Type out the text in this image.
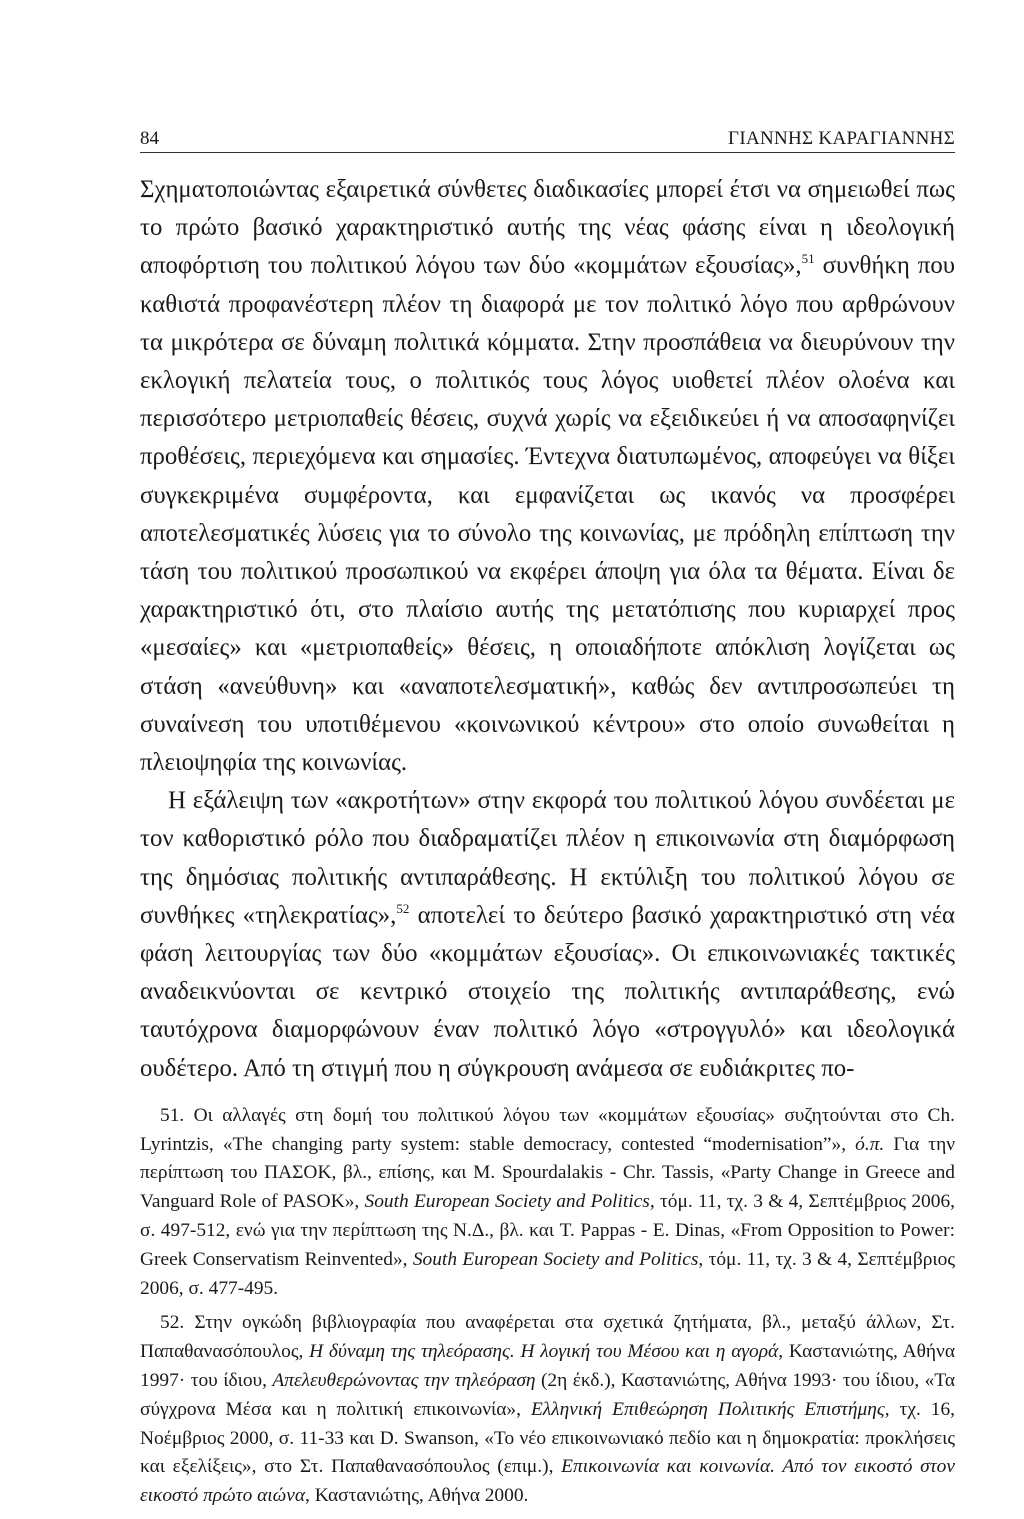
84	ΓΙΑΝΝΗΣ ΚΑΡΑΓΙΑΝΝΗΣ

Σχηματοποιώντας εξαιρετικά σύνθετες διαδικασίες μπορεί έτσι να σημειωθεί πως το πρώτο βασικό χαρακτηριστικό αυτής της νέας φάσης είναι η ιδεολογική αποφόρτιση του πολιτικού λόγου των δύο «κομμάτων εξουσίας»,$^{51}$ συνθήκη που καθιστά προφανέστερη πλέον τη διαφορά με τον πολιτικό λόγο που αρθρώνουν τα μικρότερα σε δύναμη πολιτικά κόμματα. Στην προσπάθεια να διευρύνουν την εκλογική πελατεία τους, ο πολιτικός τους λόγος υιοθετεί πλέον ολοένα και περισσότερο μετριοπαθείς θέσεις, συχνά χωρίς να εξειδικεύει ή να αποσαφηνίζει προθέσεις, περιεχόμενα και σημασίες. Έντεχνα διατυπωμένος, αποφεύγει να θίξει συγκεκριμένα συμφέροντα, και εμφανίζεται ως ικανός να προσφέρει αποτελεσματικές λύσεις για το σύνολο της κοινωνίας, με πρόδηλη επίπτωση την τάση του πολιτικού προσωπικού να εκφέρει άποψη για όλα τα θέματα. Είναι δε χαρακτηριστικό ότι, στο πλαίσιο αυτής της μετατόπισης που κυριαρχεί προς «μεσαίες» και «μετριοπαθείς» θέσεις, η οποιαδήποτε απόκλιση λογίζεται ως στάση «ανεύθυνη» και «αναποτελεσματική», καθώς δεν αντιπροσωπεύει τη συναίνεση του υποτιθέμενου «κοινωνικού κέντρου» στο οποίο συνωθείται η πλειοψηφία της κοινωνίας.

Η εξάλειψη των «ακροτήτων» στην εκφορά του πολιτικού λόγου συνδέεται με τον καθοριστικό ρόλο που διαδραματίζει πλέον η επικοινωνία στη διαμόρφωση της δημόσιας πολιτικής αντιπαράθεσης. Η εκτύλιξη του πολιτικού λόγου σε συνθήκες «τηλεκρατίας»,$^{52}$ αποτελεί το δεύτερο βασικό χαρακτηριστικό στη νέα φάση λειτουργίας των δύο «κομμάτων εξουσίας». Οι επικοινωνιακές τακτικές αναδεικνύονται σε κεντρικό στοιχείο της πολιτικής αντιπαράθεσης, ενώ ταυτόχρονα διαμορφώνουν έναν πολιτικό λόγο «στρογγυλό» και ιδεολογικά ουδέτερο. Από τη στιγμή που η σύγκρουση ανάμεσα σε ευδιάκριτες πο-

51. Οι αλλαγές στη δομή του πολιτικού λόγου των «κομμάτων εξουσίας» συζητούνται στο Ch. Lyrintzis, «The changing party system: stable democracy, contested “modernisation”», ό.π. Για την περίπτωση του ΠΑΣΟΚ, βλ., επίσης, και M. Spourdalakis - Chr. Tassis, «Party Change in Greece and Vanguard Role of PASOK», South European Society and Politics, τόμ. 11, τχ. 3 & 4, Σεπτέμβριος 2006, σ. 497-512, ενώ για την περίπτωση της Ν.Δ., βλ. και T. Pappas - E. Dinas, «From Opposition to Power: Greek Conservatism Reinvented», South European Society and Politics, τόμ. 11, τχ. 3 & 4, Σεπτέμβριος 2006, σ. 477-495.

52. Στην ογκώδη βιβλιογραφία που αναφέρεται στα σχετικά ζητήματα, βλ., μεταξύ άλλων, Στ. Παπαθανασόπουλος, Η δύναμη της τηλεόρασης. Η λογική του Μέσου και η αγορά, Καστανιώτης, Αθήνα 1997· του ίδιου, Απελευθερώνοντας την τηλεόραση (2η έκδ.), Καστανιώτης, Αθήνα 1993· του ίδιου, «Τα σύγχρονα Μέσα και η πολιτική επικοινωνία», Ελληνική Επιθεώρηση Πολιτικής Επιστήμης, τχ. 16, Νοέμβριος 2000, σ. 11-33 και D. Swanson, «Το νέο επικοινωνιακό πεδίο και η δημοκρατία: προκλήσεις και εξελίξεις», στο Στ. Παπαθανασόπουλος (επιμ.), Επικοινωνία και κοινωνία. Από τον εικοστό στον εικοστό πρώτο αιώνα, Καστανιώτης, Αθήνα 2000.
